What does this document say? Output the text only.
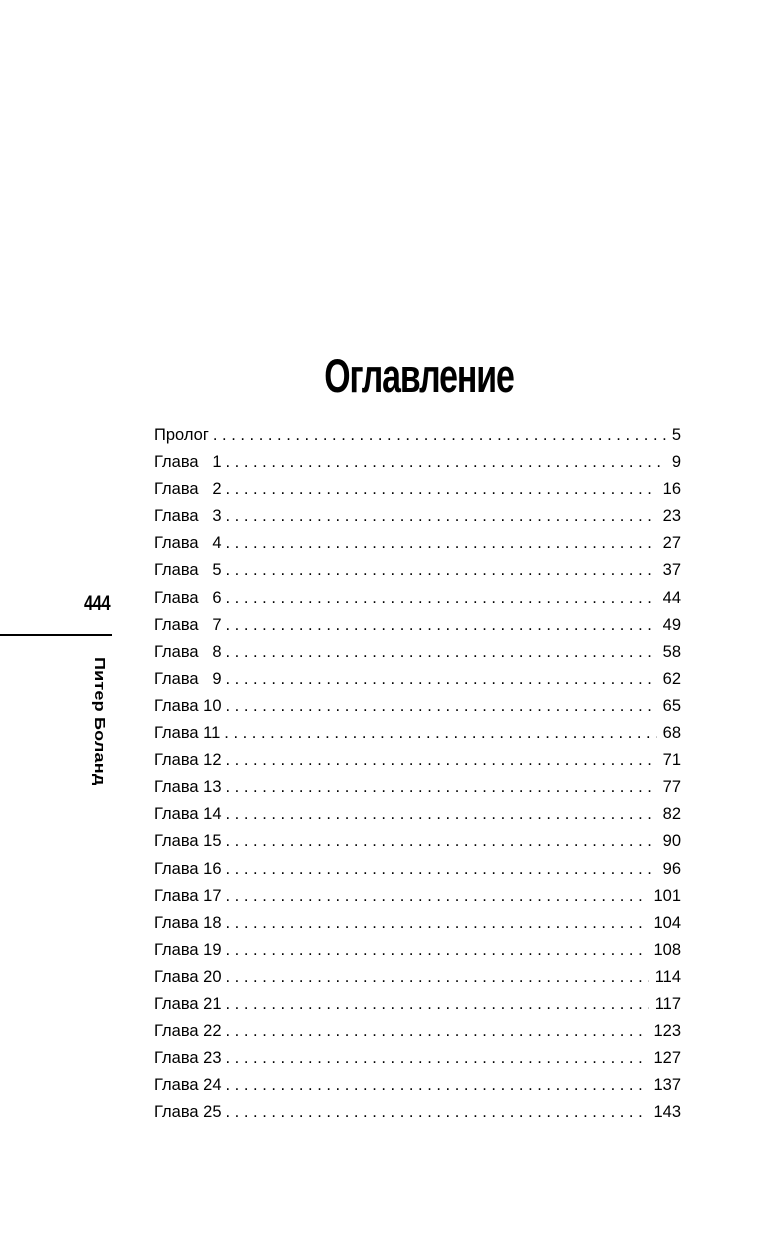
444
Питер Боланд
Оглавление
Пролог . . .	5
Глава   1 . . .	9
Глава   2 . . .	16
Глава   3 . . .	23
Глава   4 . . .	27
Глава   5 . . .	37
Глава   6 . . .	44
Глава   7 . . .	49
Глава   8 . . .	58
Глава   9 . . .	62
Глава 10 . . .	65
Глава 11 . . .	68
Глава 12 . . .	71
Глава 13 . . .	77
Глава 14 . . .	82
Глава 15 . . .	90
Глава 16 . . .	96
Глава 17 . . .	101
Глава 18 . . .	104
Глава 19 . . .	108
Глава 20 . . .	114
Глава 21 . . .	117
Глава 22 . . .	123
Глава 23 . . .	127
Глава 24 . . .	137
Глава 25 . . .	143
